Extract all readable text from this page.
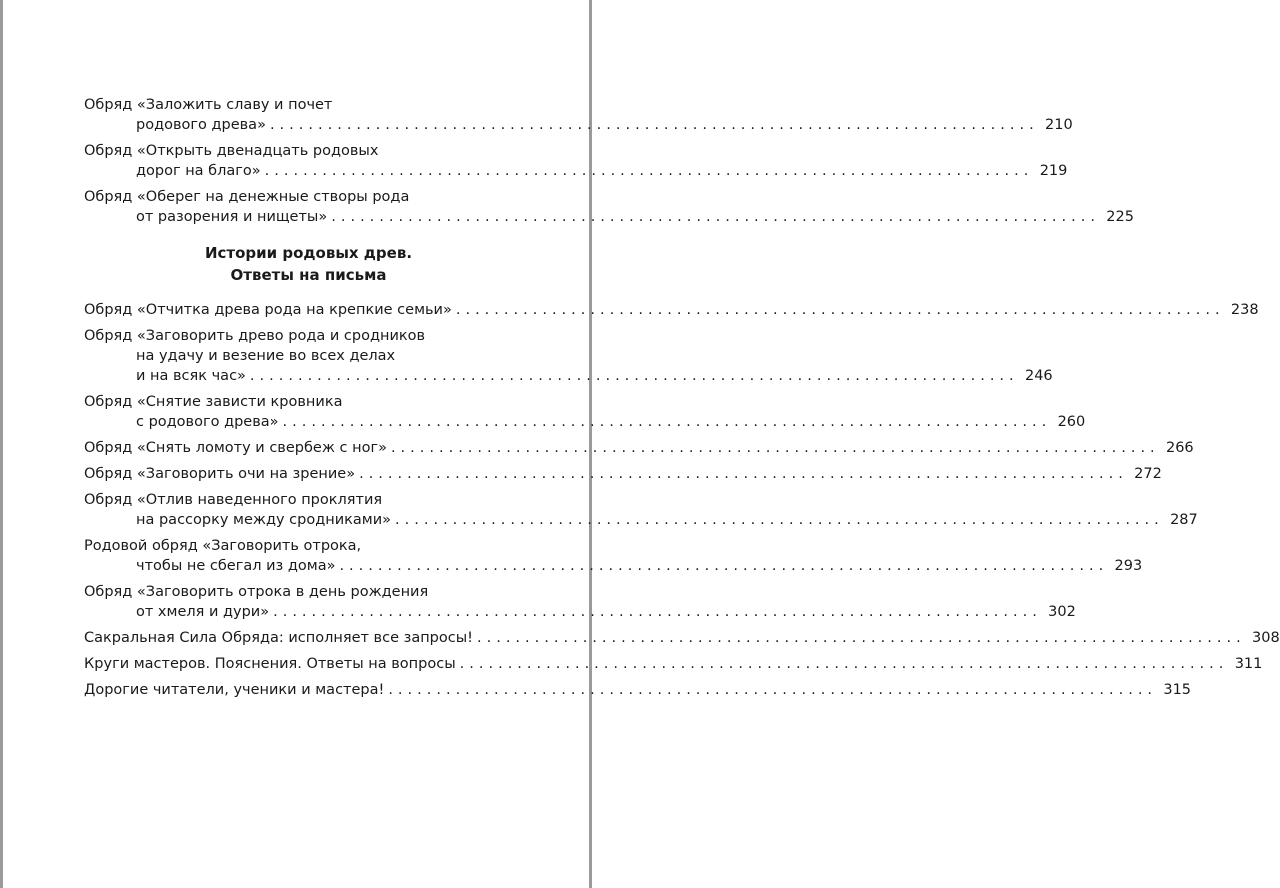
Обряд «Заложить славу и почет
родового древа» ................................................................................ 210
Обряд «Открыть двенадцать родовых
дорог на благо» ................................................................................ 219
Обряд «Оберег на денежные створы рода
от разорения и нищеты» ................................................................................ 225
Истории родовых древ.
Ответы на письма
Обряд «Отчитка древа рода на крепкие семьи» ................................................................................ 238
Обряд «Заговорить древо рода и сродников
на удачу и везение во всех делах
и на всяк час» ................................................................................ 246
Обряд «Снятие зависти кровника
с родового древа» ................................................................................ 260
Обряд «Снять ломоту и свербеж с ног» ................................................................................ 266
Обряд «Заговорить очи на зрение» ................................................................................ 272
Обряд «Отлив наведенного проклятия
на рассорку между сродниками» ................................................................................ 287
Родовой обряд «Заговорить отрока,
чтобы не сбегал из дома» ................................................................................ 293
Обряд «Заговорить отрока в день рождения
от хмеля и дури» ................................................................................ 302
Сакральная Сила Обряда: исполняет все запросы! ................................................................................ 308
Круги мастеров. Пояснения. Ответы на вопросы ................................................................................ 311
Дорогие читатели, ученики и мастера! ................................................................................ 315
